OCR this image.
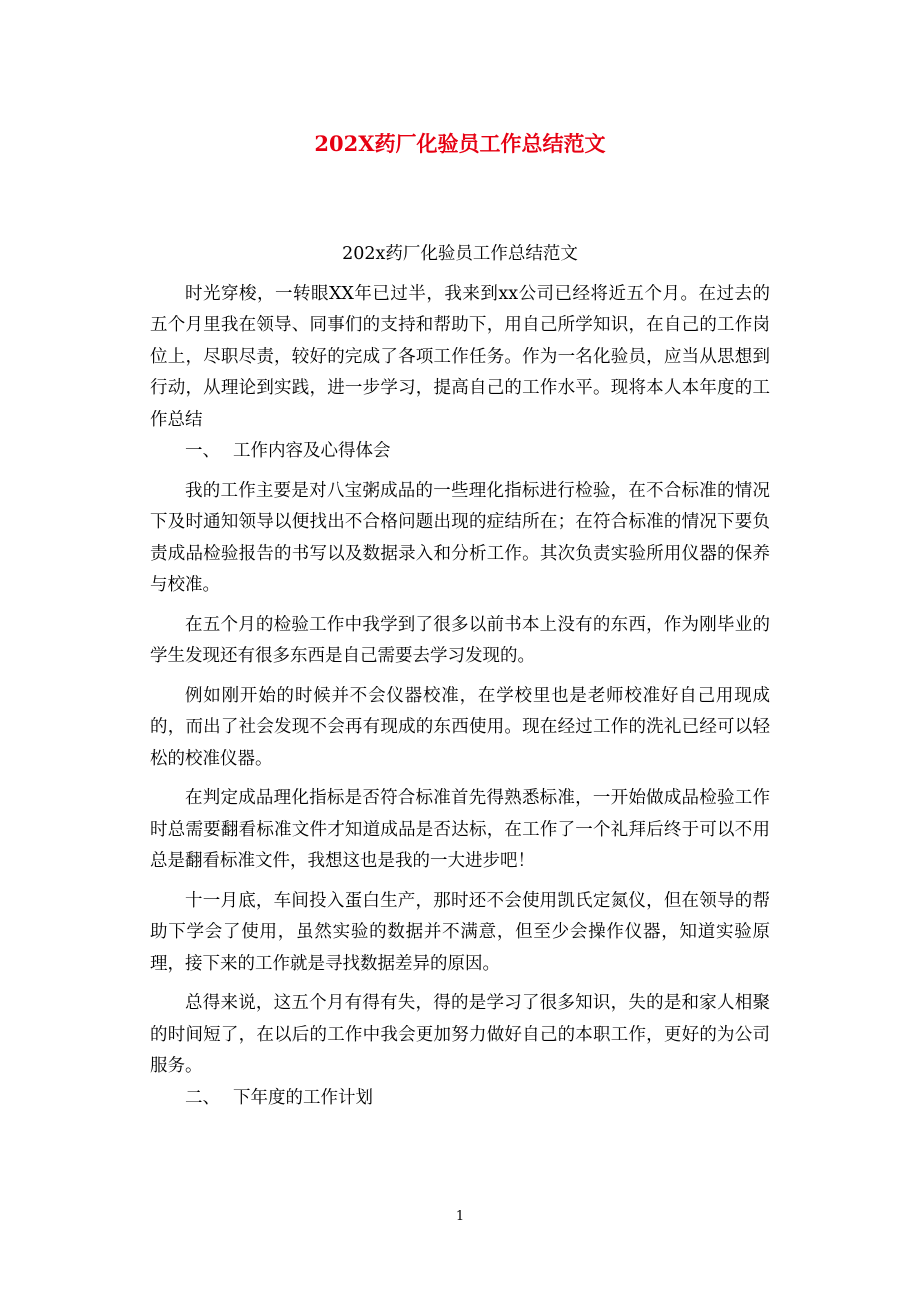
202X药厂化验员工作总结范文

202x药厂化验员工作总结范文

时光穿梭，一转眼XX年已过半，我来到xx公司已经将近五个月。在过去的五个月里我在领导、同事们的支持和帮助下，用自己所学知识，在自己的工作岗位上，尽职尽责，较好的完成了各项工作任务。作为一名化验员，应当从思想到行动，从理论到实践，进一步学习，提高自己的工作水平。现将本人本年度的工作总结

一、 工作内容及心得体会

我的工作主要是对八宝粥成品的一些理化指标进行检验，在不合标准的情况下及时通知领导以便找出不合格问题出现的症结所在；在符合标准的情况下要负责成品检验报告的书写以及数据录入和分析工作。其次负责实验所用仪器的保养与校准。

在五个月的检验工作中我学到了很多以前书本上没有的东西，作为刚毕业的学生发现还有很多东西是自己需要去学习发现的。

例如刚开始的时候并不会仪器校准，在学校里也是老师校准好自己用现成的，而出了社会发现不会再有现成的东西使用。现在经过工作的洗礼已经可以轻松的校准仪器。

在判定成品理化指标是否符合标准首先得熟悉标准，一开始做成品检验工作时总需要翻看标准文件才知道成品是否达标，在工作了一个礼拜后终于可以不用总是翻看标准文件，我想这也是我的一大进步吧！

十一月底，车间投入蛋白生产，那时还不会使用凯氏定氮仪，但在领导的帮助下学会了使用，虽然实验的数据并不满意，但至少会操作仪器，知道实验原理，接下来的工作就是寻找数据差异的原因。

总得来说，这五个月有得有失，得的是学习了很多知识，失的是和家人相聚的时间短了，在以后的工作中我会更加努力做好自己的本职工作，更好的为公司服务。

二、 下年度的工作计划

1
